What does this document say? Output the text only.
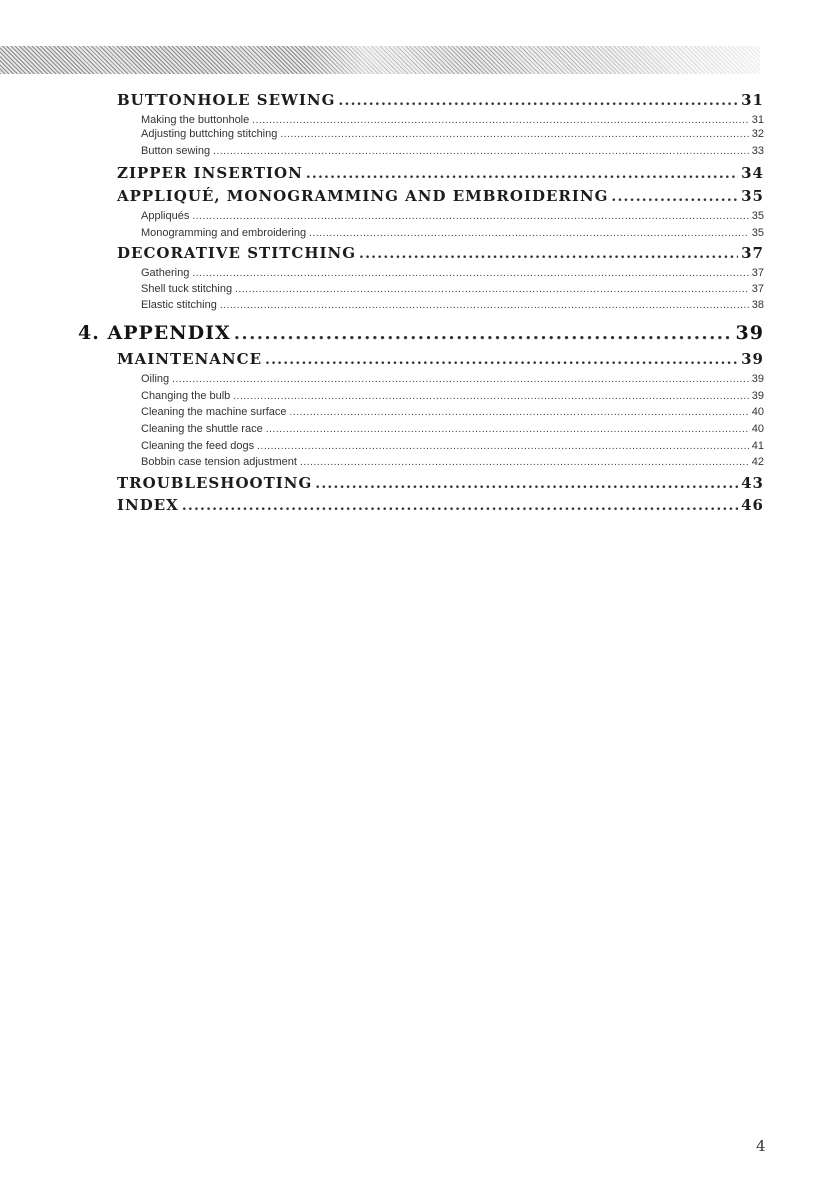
BUTTONHOLE SEWING .....	31
Making the buttonhole .....	31
Adjusting buttching stitching .....	32
Button sewing .....	33
ZIPPER INSERTION .....	34
APPLIQUÉ, MONOGRAMMING AND EMBROIDERING .....	35
Appliqués .....	35
Monogramming and embroidering .....	35
DECORATIVE STITCHING .....	37
Gathering .....	37
Shell tuck stitching .....	37
Elastic stitching .....	38
4. APPENDIX .....	39
MAINTENANCE .....	39
Oiling .....	39
Changing the bulb .....	39
Cleaning the machine surface .....	40
Cleaning the shuttle race .....	40
Cleaning the feed dogs .....	41
Bobbin case tension adjustment .....	42
TROUBLESHOOTING .....	43
INDEX .....	46
4
